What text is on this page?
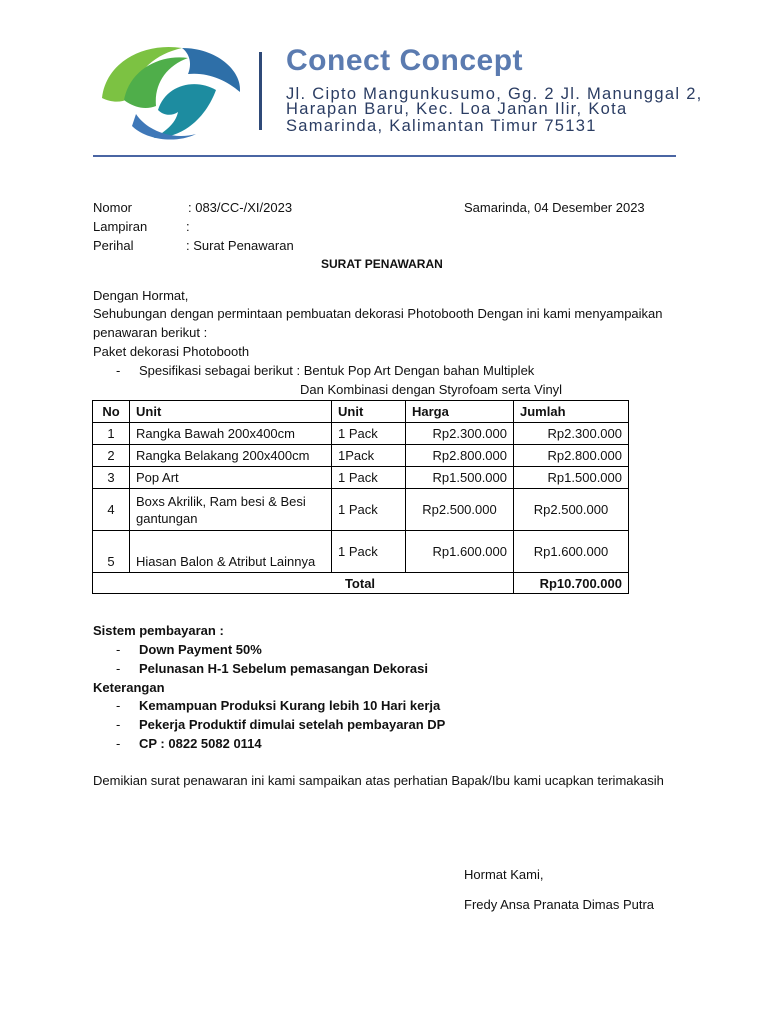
Conect Concept
Jl. Cipto Mangunkusumo, Gg. 2 Jl. Manunggal 2,
Harapan Baru, Kec. Loa Janan Ilir, Kota
Samarinda, Kalimantan Timur 75131
Nomor	: 083/CC-/XI/2023	Samarinda, 04 Desember 2023
Lampiran	:
Perihal	: Surat Penawaran
SURAT PENAWARAN
Dengan Hormat,
Sehubungan dengan permintaan pembuatan dekorasi Photobooth Dengan ini kami menyampaikan
penawaran berikut :
Paket dekorasi Photobooth
- Spesifikasi sebagai berikut : Bentuk Pop Art Dengan bahan Multiplek
Dan Kombinasi dengan Styrofoam serta Vinyl
No	Unit	Unit	Harga	Jumlah
1	Rangka Bawah 200x400cm	1 Pack	Rp2.300.000	Rp2.300.000
2	Rangka Belakang 200x400cm	1Pack	Rp2.800.000	Rp2.800.000
3	Pop Art	1 Pack	Rp1.500.000	Rp1.500.000
4	Boxs Akrilik, Ram besi & Besi
gantungan	1 Pack	Rp2.500.000	Rp2.500.000
5	Hiasan Balon & Atribut Lainnya	1 Pack	Rp1.600.000	Rp1.600.000
Total				Rp10.700.000
Sistem pembayaran :
- Down Payment 50%
- Pelunasan H-1 Sebelum pemasangan Dekorasi
Keterangan
- Kemampuan Produksi Kurang lebih 10 Hari kerja
- Pekerja Produktif dimulai setelah pembayaran DP
- CP : 0822 5082 0114
Demikian surat penawaran ini kami sampaikan atas perhatian Bapak/Ibu kami ucapkan terimakasih
Hormat Kami,
Fredy Ansa Pranata Dimas Putra
